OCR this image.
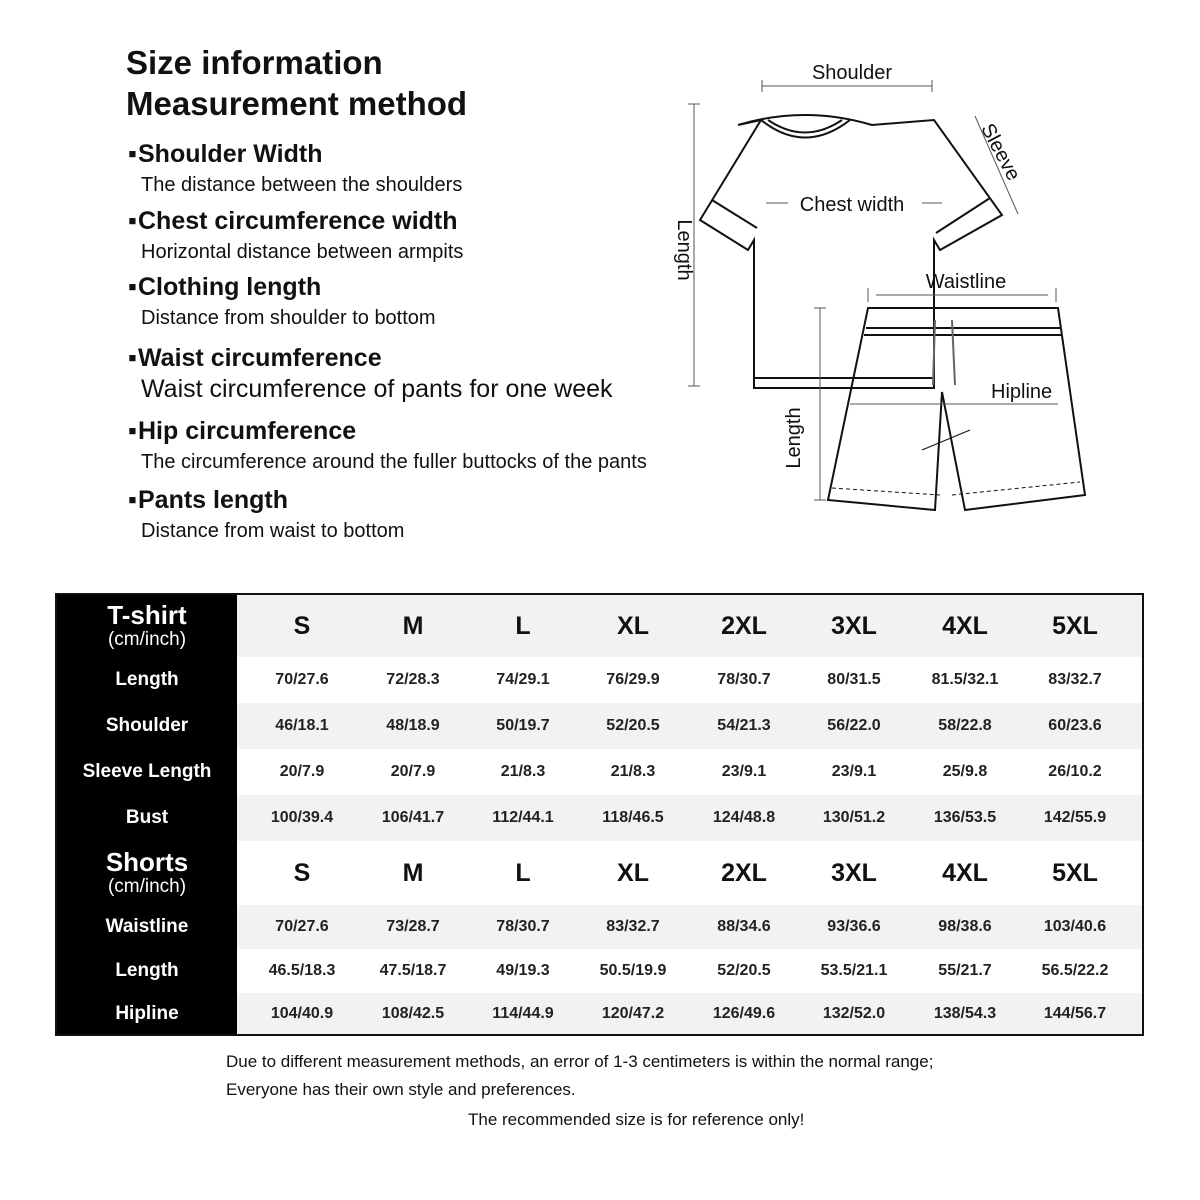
Size information
Measurement method
▪Shoulder Width
The distance between the shoulders
▪Chest circumference width
Horizontal distance between armpits
▪Clothing length
Distance from shoulder to bottom
▪Waist circumference
Waist circumference of pants for one week
▪Hip circumference
The circumference around the fuller buttocks of the pants
▪Pants length
Distance from waist to bottom
Shoulder
Sleeve
Chest width
Length
Waistline
Hipline
Length
T-shirt
(cm/inch)	S	M	L	XL	2XL	3XL	4XL	5XL
Length	70/27.6	72/28.3	74/29.1	76/29.9	78/30.7	80/31.5	81.5/32.1	83/32.7
Shoulder	46/18.1	48/18.9	50/19.7	52/20.5	54/21.3	56/22.0	58/22.8	60/23.6
Sleeve Length	20/7.9	20/7.9	21/8.3	21/8.3	23/9.1	23/9.1	25/9.8	26/10.2
Bust	100/39.4	106/41.7	112/44.1	118/46.5	124/48.8	130/51.2	136/53.5	142/55.9
Shorts
(cm/inch)	S	M	L	XL	2XL	3XL	4XL	5XL
Waistline	70/27.6	73/28.7	78/30.7	83/32.7	88/34.6	93/36.6	98/38.6	103/40.6
Length	46.5/18.3	47.5/18.7	49/19.3	50.5/19.9	52/20.5	53.5/21.1	55/21.7	56.5/22.2
Hipline	104/40.9	108/42.5	114/44.9	120/47.2	126/49.6	132/52.0	138/54.3	144/56.7
Due to different measurement methods, an error of 1-3 centimeters is within the normal range;
Everyone has their own style and preferences.
The recommended size is for reference only!
